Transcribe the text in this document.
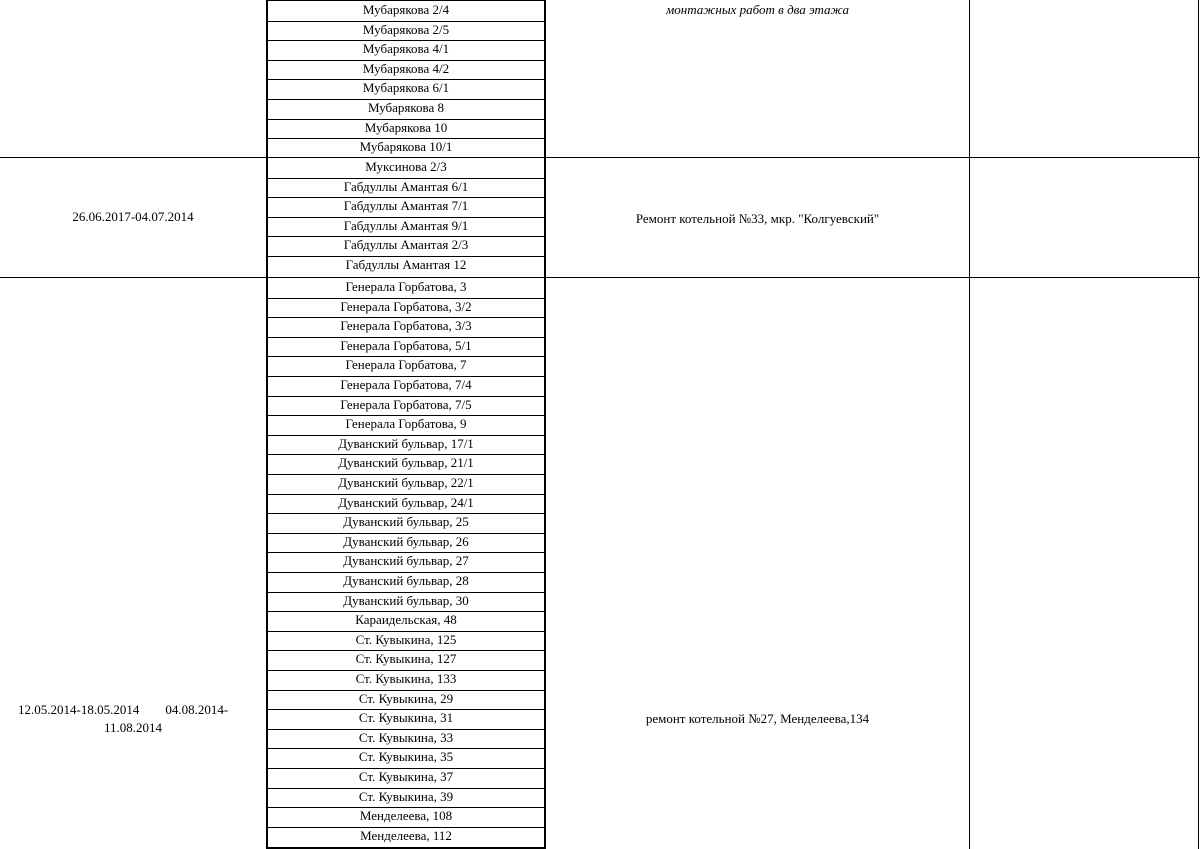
монтажных работ в два этажа
26.06.2017-04.07.2014	Ремонт котельной №33, мкр. "Колгуевский"
12.05.2014-18.05.2014        04.08.2014-
11.08.2014
ремонт котельной №27, Менделеева,134
Мубарякова 2/4
Мубарякова 2/5
Мубарякова 4/1
Мубарякова 4/2
Мубарякова 6/1
Мубарякова 8
Мубарякова 10
Мубарякова 10/1
Муксинова 2/3
Габдуллы Амантая 6/1
Габдуллы Амантая 7/1
Габдуллы Амантая 9/1
Габдуллы Амантая 2/3
Габдуллы Амантая 12
Генерала Горбатова, 3
Генерала Горбатова, 3/2
Генерала Горбатова, 3/3
Генерала Горбатова, 5/1
Генерала Горбатова, 7
Генерала Горбатова, 7/4
Генерала Горбатова, 7/5
Генерала Горбатова, 9
Дуванский бульвар, 17/1
Дуванский бульвар, 21/1
Дуванский бульвар, 22/1
Дуванский бульвар, 24/1
Дуванский бульвар, 25
Дуванский бульвар, 26
Дуванский бульвар, 27
Дуванский бульвар, 28
Дуванский бульвар, 30
Караидельская, 48
Ст. Кувыкина, 125
Ст. Кувыкина, 127
Ст. Кувыкина, 133
Ст. Кувыкина, 29
Ст. Кувыкина, 31
Ст. Кувыкина, 33
Ст. Кувыкина, 35
Ст. Кувыкина, 37
Ст. Кувыкина, 39
Менделеева, 108
Менделеева, 112
